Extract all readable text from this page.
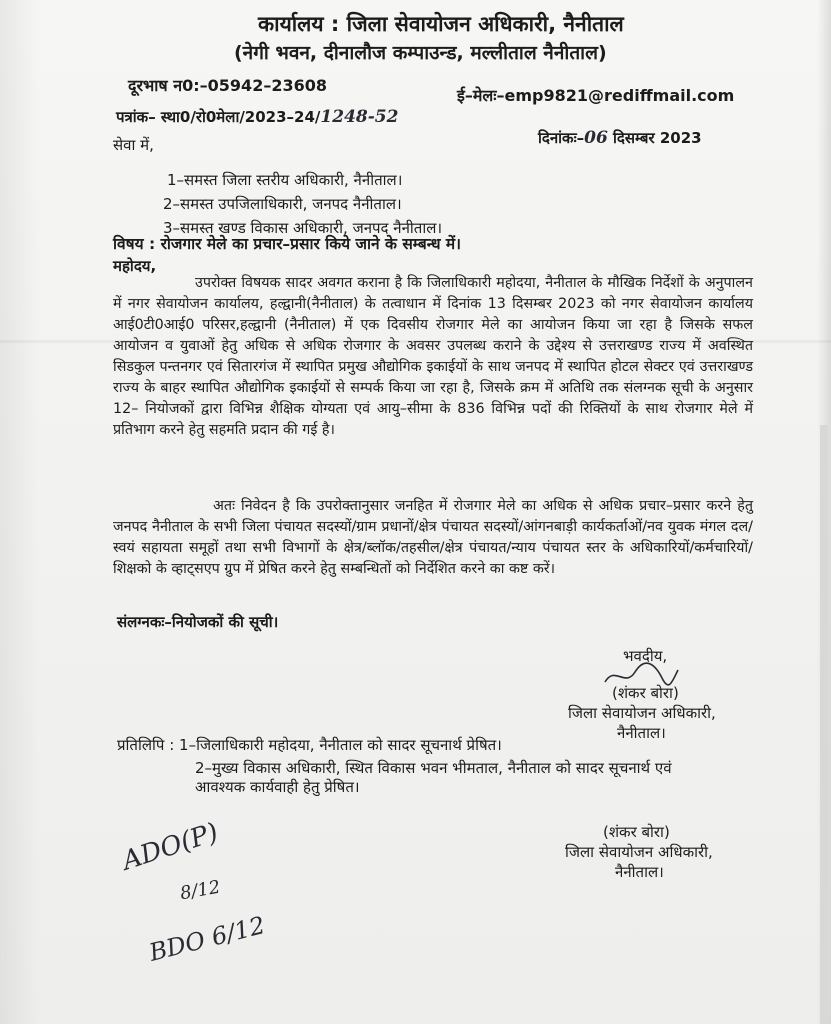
कार्यालय : जिला सेवायोजन अधिकारी, नैनीताल
(नेगी भवन, दीनालौज कम्पाउन्ड, मल्लीताल नैनीताल)
दूरभाष न0:–05942–23608
ई–मेलः–emp9821@rediffmail.com
पत्रांक– स्था0/रो0मेला/2023–24/1248-52
दिनांकः–06 दिसम्बर 2023
सेवा में,
1–समस्त जिला स्तरीय अधिकारी, नैनीताल।
2–समस्त उपजिलाधिकारी, जनपद नैनीताल।
3–समस्त खण्ड विकास अधिकारी, जनपद नैनीताल।
विषय : रोजगार मेले का प्रचार–प्रसार किये जाने के सम्बन्ध में।
महोदय,
उपरोक्त विषयक सादर अवगत कराना है कि जिलाधिकारी महोदया, नैनीताल के मौखिक निर्देशों के अनुपालन में नगर सेवायोजन कार्यालय, हल्द्वानी(नैनीताल) के तत्वाधान में दिनांक 13 दिसम्बर 2023 को नगर सेवायोजन कार्यालय आई0टी0आई0 परिसर,हल्द्वानी (नैनीताल) में एक दिवसीय रोजगार मेले का आयोजन किया जा रहा है जिसके सफल आयोजन व युवाओं हेतु अधिक से अधिक रोजगार के अवसर उपलब्ध कराने के उद्देश्य से उत्तराखण्ड राज्य में अवस्थित सिडकुल पन्तनगर एवं सितारगंज में स्थापित प्रमुख औद्योगिक इकाईयों के साथ जनपद में स्थापित होटल सेक्टर एवं उत्तराखण्ड राज्य के बाहर स्थापित औद्योगिक इकाईयों से सम्पर्क किया जा रहा है, जिसके क्रम में अतिथि तक संलग्नक सूची के अनुसार 12– नियोजकों द्वारा विभिन्न शैक्षिक योग्यता एवं आयु–सीमा के 836 विभिन्न पदों की रिक्तियों के साथ रोजगार मेले में प्रतिभाग करने हेतु सहमति प्रदान की गई है।
अतः निवेदन है कि उपरोक्तानुसार जनहित में रोजगार मेले का अधिक से अधिक प्रचार–प्रसार करने हेतु जनपद नैनीताल के सभी जिला पंचायत सदस्यों/ग्राम प्रधानों/क्षेत्र पंचायत सदस्यों/आंगनबाड़ी कार्यकर्ताओं/नव युवक मंगल दल/स्वयं सहायता समूहों तथा सभी विभागों के क्षेत्र/ब्लॉक/तहसील/क्षेत्र पंचायत/न्याय पंचायत स्तर के अधिकारियों/कर्मचारियों/शिक्षको के व्हाट्सएप ग्रुप में प्रेषित करने हेतु सम्बन्धितों को निर्देशित करने का कष्ट करें।
संलग्नकः–नियोजकों की सूची।
भवदीय,
(शंकर बोरा)
जिला सेवायोजन अधिकारी,
नैनीताल।
प्रतिलिपि : 1–जिलाधिकारी महोदया, नैनीताल को सादर सूचनार्थ प्रेषित।
2–मुख्य विकास अधिकारी, स्थित विकास भवन भीमताल, नैनीताल को सादर सूचनार्थ एवं
आवश्यक कार्यवाही हेतु प्रेषित।
(शंकर बोरा)
जिला सेवायोजन अधिकारी,
नैनीताल।
ADO(P)
8/12
BDO 6/12
